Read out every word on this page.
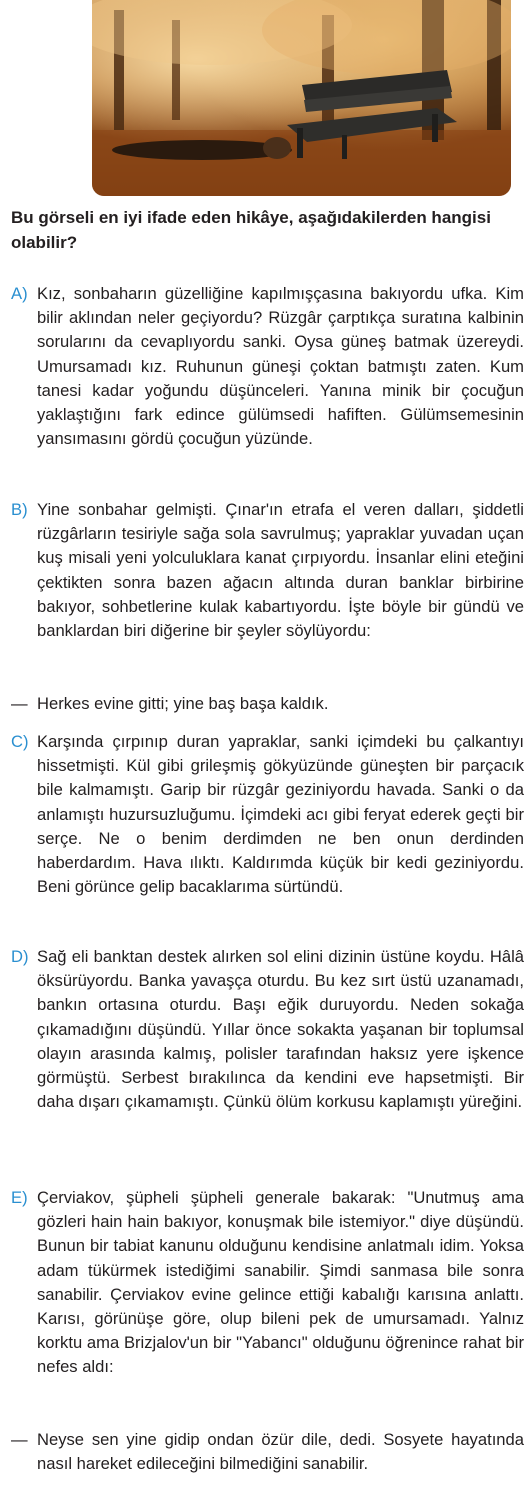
Bu görseli en iyi ifade eden hikâye, aşağıdakilerden hangisi olabilir?
A) Kız, sonbaharın güzelliğine kapılmışçasına bakıyordu ufka. Kim bilir aklından neler geçiyordu? Rüzgâr çarptıkça suratına kalbinin sorularını da cevaplıyordu sanki. Oysa güneş batmak üzereydi. Umursamadı kız. Ruhunun güneşi çoktan batmıştı zaten. Kum tanesi kadar yoğundu düşünceleri. Yanına minik bir çocuğun yaklaştığını fark edince gülümsedi hafiften. Gülümsemesinin yansımasını gördü çocuğun yüzünde.
B) Yine sonbahar gelmişti. Çınar'ın etrafa el veren dalları, şiddetli rüzgârların tesiriyle sağa sola savrulmuş; yapraklar yuvadan uçan kuş misali yeni yolculuklara kanat çırpıyordu. İnsanlar elini eteğini çektikten sonra bazen ağacın altında duran banklar birbirine bakıyor, sohbetlerine kulak kabartıyordu. İşte böyle bir gündü ve banklardan biri diğerine bir şeyler söylüyordu:
— Herkes evine gitti; yine baş başa kaldık.
C) Karşında çırpınıp duran yapraklar, sanki içimdeki bu çalkantıyı hissetmişti. Kül gibi grileşmiş gökyüzünde güneşten bir parçacık bile kalmamıştı. Garip bir rüzgâr geziniyordu havada. Sanki o da anlamıştı huzursuzluğumu. İçimdeki acı gibi feryat ederek geçti bir serçe. Ne o benim derdimden ne ben onun derdinden haberdardım. Hava ılıktı. Kaldırımda küçük bir kedi geziniyordu. Beni görünce gelip bacaklarıma sürtündü.
D) Sağ eli banktan destek alırken sol elini dizinin üstüne koydu. Hâlâ öksürüyordu. Banka yavaşça oturdu. Bu kez sırt üstü uzanamadı, bankın ortasına oturdu. Başı eğik duruyordu. Neden sokağa çıkamadığını düşündü. Yıllar önce sokakta yaşanan bir toplumsal olayın arasında kalmış, polisler tarafından haksız yere işkence görmüştü. Serbest bırakılınca da kendini eve hapsetmişti. Bir daha dışarı çıkamamıştı. Çünkü ölüm korkusu kaplamıştı yüreğini.
E) Çerviakov, şüpheli şüpheli generale bakarak: "Unutmuş ama gözleri hain hain bakıyor, konuşmak bile istemiyor." diye düşündü. Bunun bir tabiat kanunu olduğunu kendisine anlatmalı idim. Yoksa adam tükürmek istediğimi sanabilir. Şimdi sanmasa bile sonra sanabilir. Çerviakov evine gelince ettiği kabalığı karısına anlattı. Karısı, görünüşe göre, olup bileni pek de umursamadı. Yalnız korktu ama Brizjalov'un bir "Yabancı" olduğunu öğrenince rahat bir nefes aldı:
— Neyse sen yine gidip ondan özür dile, dedi. Sosyete hayatında nasıl hareket edileceğini bilmediğini sanabilir.
